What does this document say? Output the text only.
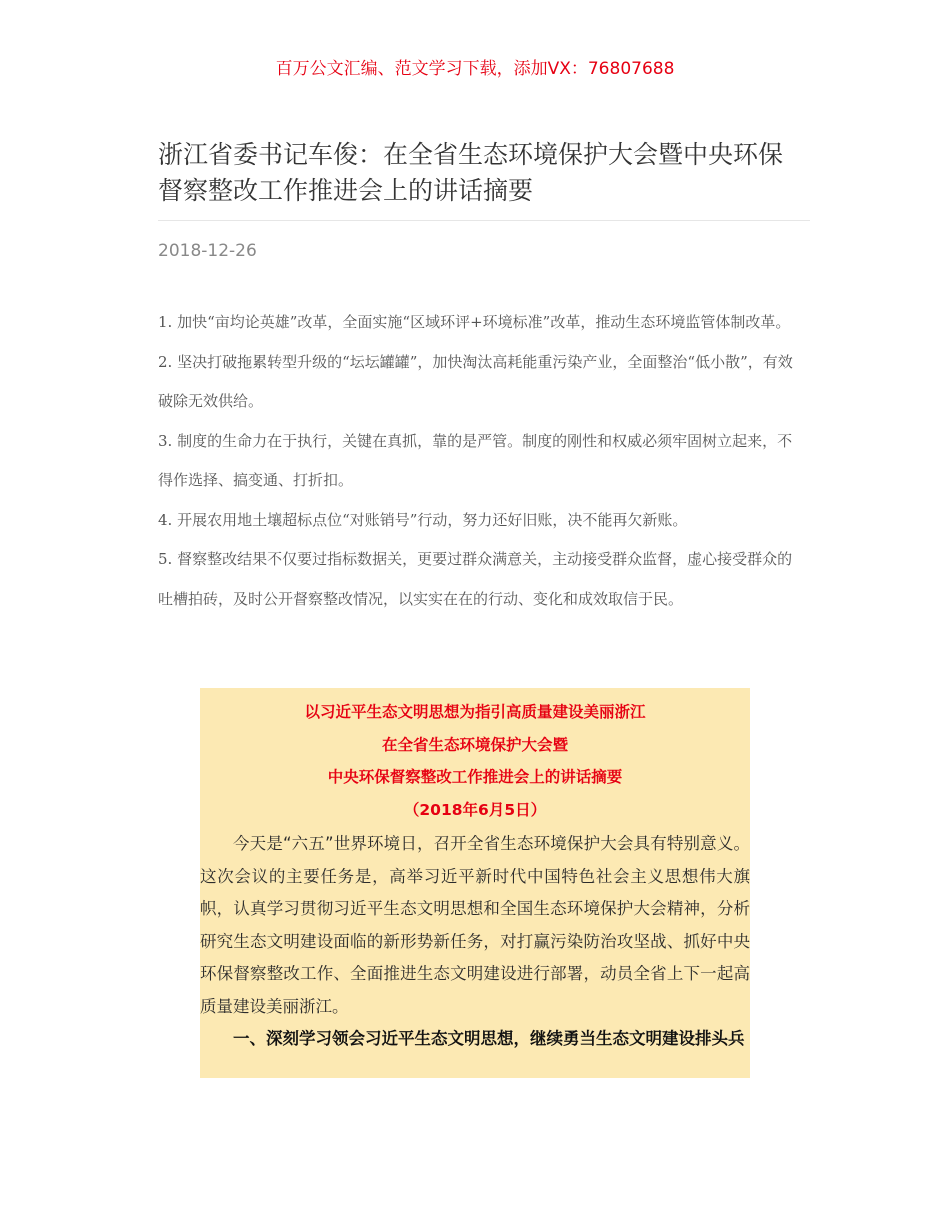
百万公文汇编、范文学习下载，添加VX：76807688

浙江省委书记车俊：在全省生态环境保护大会暨中央环保督察整改工作推进会上的讲话摘要

2018-12-26

1. 加快“亩均论英雄”改革，全面实施“区域环评+环境标准”改革，推动生态环境监管体制改革。
2. 坚决打破拖累转型升级的“坛坛罐罐”，加快淘汰高耗能重污染产业，全面整治“低小散”，有效破除无效供给。
3. 制度的生命力在于执行，关键在真抓，靠的是严管。制度的刚性和权威必须牢固树立起来，不得作选择、搞变通、打折扣。
4. 开展农用地土壤超标点位“对账销号”行动，努力还好旧账，决不能再欠新账。
5. 督察整改结果不仅要过指标数据关，更要过群众满意关，主动接受群众监督，虚心接受群众的吐槽拍砖，及时公开督察整改情况，以实实在在的行动、变化和成效取信于民。

以习近平生态文明思想为指引高质量建设美丽浙江

在全省生态环境保护大会暨

中央环保督察整改工作推进会上的讲话摘要

（2018年6月5日）

今天是“六五”世界环境日，召开全省生态环境保护大会具有特别意义。这次会议的主要任务是，高举习近平新时代中国特色社会主义思想伟大旗帜，认真学习贯彻习近平生态文明思想和全国生态环境保护大会精神，分析研究生态文明建设面临的新形势新任务，对打赢污染防治攻坚战、抓好中央环保督察整改工作、全面推进生态文明建设进行部署，动员全省上下一起高质量建设美丽浙江。

一、深刻学习领会习近平生态文明思想，继续勇当生态文明建设排头兵
